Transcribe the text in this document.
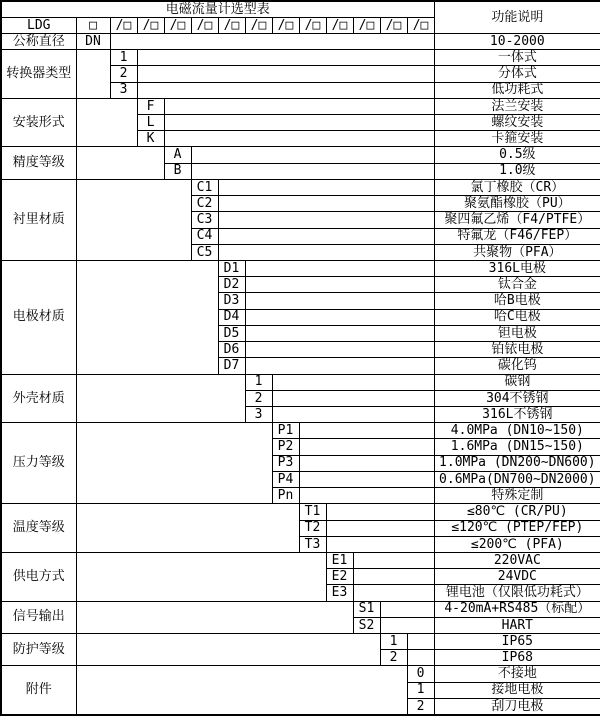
电磁流量计选型表														功能说明
LDG	□	/□	/□	/□	/□	/□	/□	/□	/□	/□	/□	/□	/□	
公称直径	DN													10-2000
转换器类型		1												一体式
		2												分体式
		3												低功耗式
安装形式			F											法兰安装
			L											螺纹安装
			K											卡箍安装
精度等级				A										0.5级
				B										1.0级
衬里材质					C1									氯丁橡胶（CR）
					C2									聚氨酯橡胶（PU）
					C3									聚四氟乙烯（F4/PTFE）
					C4									特氟龙（F46/FEP）
					C5									共聚物（PFA）
电极材质						D1								316L电极
						D2								钛合金
						D3								哈B电极
						D4								哈C电极
						D5								钽电极
						D6								铂铱电极
						D7								碳化钨
外壳材质							1							碳钢
							2							304不锈钢
							3							316L不锈钢
压力等级								P1						4.0MPa (DN10~150)
								P2						1.6MPa (DN15~150)
								P3						1.0MPa (DN200~DN600)
								P4						0.6MPa(DN700~DN2000)
								Pn						特殊定制
温度等级									T1					≤80℃ (CR/PU)
									T2					≤120℃ (PTEP/FEP)
									T3					≤200℃ (PFA)
供电方式										E1				220VAC
										E2				24VDC
										E3				锂电池（仅限低功耗式）
信号输出											S1			4-20mA+RS485（标配）
											S2			HART
防护等级												1		IP65
												2		IP68
附件													0	不接地
													1	接地电极
													2	刮刀电极
